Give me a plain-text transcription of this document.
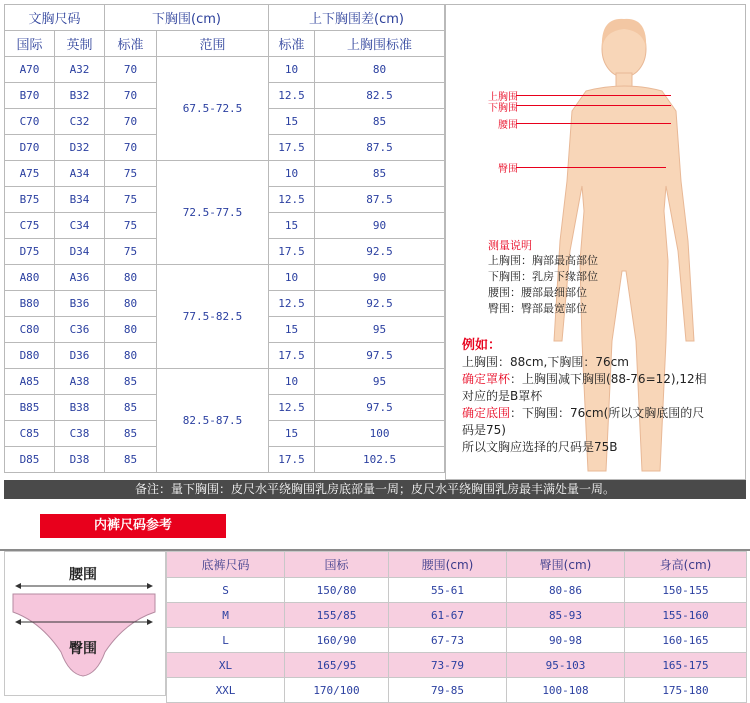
文胸尺码		下胸围(cm)		上下胸围差(cm)	
国际	英制	标准	范围	标准	上胸围标准
A70	A32	70	67.5-72.5	10	80
B70	B32	70		12.5	82.5
C70	C32	70		15	85
D70	D32	70		17.5	87.5
A75	A34	75	72.5-77.5	10	85
B75	B34	75		12.5	87.5
C75	C34	75		15	90
D75	D34	75		17.5	92.5
A80	A36	80	77.5-82.5	10	90
B80	B36	80		12.5	92.5
C80	C36	80		15	95
D80	D36	80		17.5	97.5
A85	A38	85	82.5-87.5	10	95
B85	B38	85		12.5	97.5
C85	C38	85		15	100
D85	D38	85		17.5	102.5
上胸围
下胸围
腰围
臀围
测量说明
上胸围：胸部最高部位
下胸围：乳房下缘部位
腰围：腰部最细部位
臀围：臀部最宽部位
例如：
上胸围：88cm,下胸围：76cm
确定罩杯：上胸围减下胸围(88-76=12),12相
对应的是B罩杯
确定底围：下胸围：76cm(所以文胸底围的尺
码是75)
所以文胸应选择的尺码是75B
备注：量下胸围：皮尺水平绕胸围乳房底部量一周；皮尺水平绕胸围乳房最丰满处量一周。
内裤尺码参考
腰围
臀围
底裤尺码	国标	腰围(cm)	臀围(cm)	身高(cm)
S	150/80	55-61	80-86	150-155
M	155/85	61-67	85-93	155-160
L	160/90	67-73	90-98	160-165
XL	165/95	73-79	95-103	165-175
XXL	170/100	79-85	100-108	175-180
